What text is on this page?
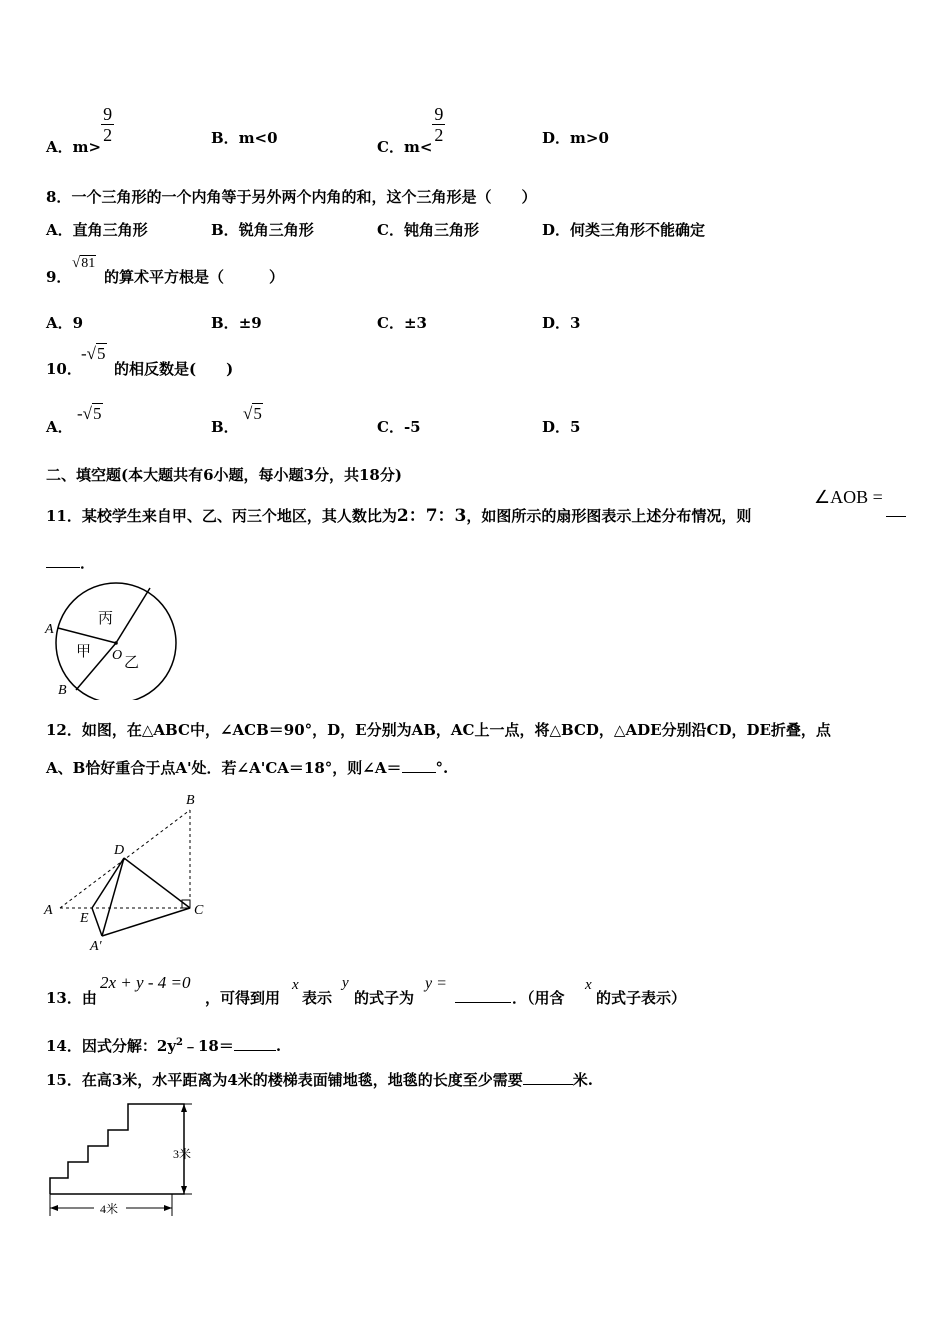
A．m>
$\frac{9}{2}$	B．m<0	C．m<
$\frac{9}{2}$	D．m>0
8．一个三角形的一个内角等于另外两个内角的和，这个三角形是（　　）
A．直角三角形	B．锐角三角形	C．钝角三角形	D．何类三角形不能确定
9．
√81
的算术平方根是（　　　）
A．9	B．±9	C．±3	D．3
10．
-√5
的相反数是(　　)
A．
-√5
B．
√5
C．-5	D．5
二、填空题(本大题共有6小题，每小题3分，共18分)
11．某校学生来自甲、乙、丙三个地区，其人数比为2：7：3，如图所示的扇形图表示上述分布情况，则
∠AOB =
．
A
B
O
丙
甲
乙
12．如图，在△ABC中，∠ACB＝90°，D，E分别为AB，AC上一点，将△BCD，△ADE分别沿CD，DE折叠，点
A、B恰好重合于点A'处．若∠A'CA＝18°，则∠A＝ °.
A
B
C
D
E
A′
13．由
2x + y - 4 =0
，可得到用
x
表示
y
的式子为
y =
．（用含
x
的式子表示）
14．因式分解：$2y^2﹣18=$	.
15．在高3米，水平距离为4米的楼梯表面铺地毯，地毯的长度至少需要	米.
3米
4米
